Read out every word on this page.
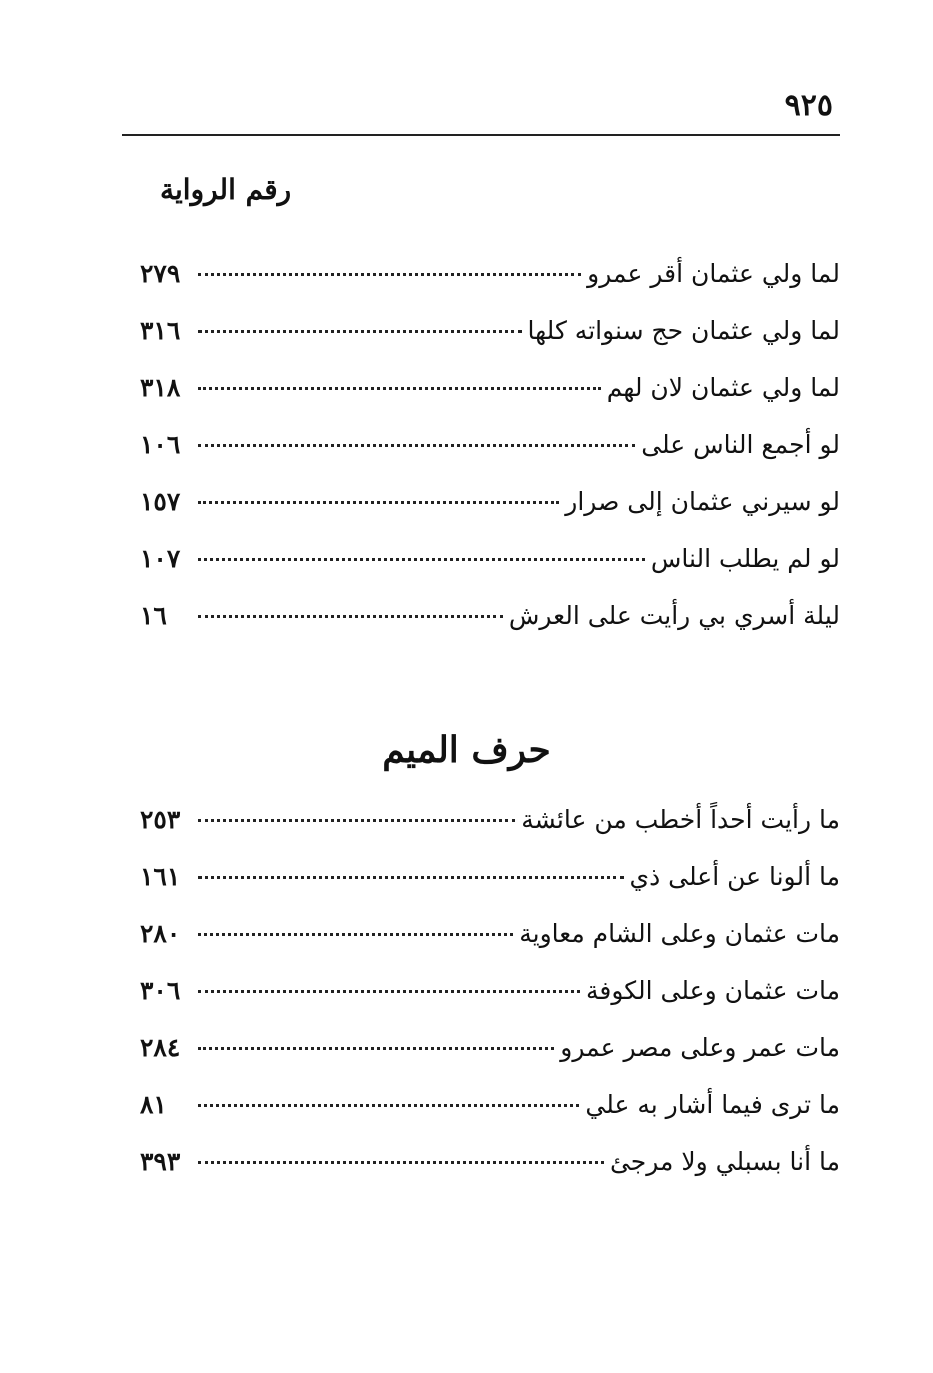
٩٢٥
رقم الرواية
لما ولي عثمان أقر عمرو
٢٧٩
لما ولي عثمان حج سنواته كلها
٣١٦
لما ولي عثمان لان لهم
٣١٨
لو أجمع الناس على
١٠٦
لو سيرني عثمان إلى صرار
١٥٧
لو لم يطلب الناس
١٠٧
ليلة أسري بي رأيت على العرش
١٦
حرف الميم
ما رأيت أحداً أخطب من عائشة
٢٥٣
ما ألونا عن أعلى ذي
١٦١
مات عثمان وعلى الشام معاوية
٢٨٠
مات عثمان وعلى الكوفة
٣٠٦
مات عمر وعلى مصر عمرو
٢٨٤
ما ترى فيما أشار به علي
٨١
ما أنا بسبلي ولا مرجئ
٣٩٣
